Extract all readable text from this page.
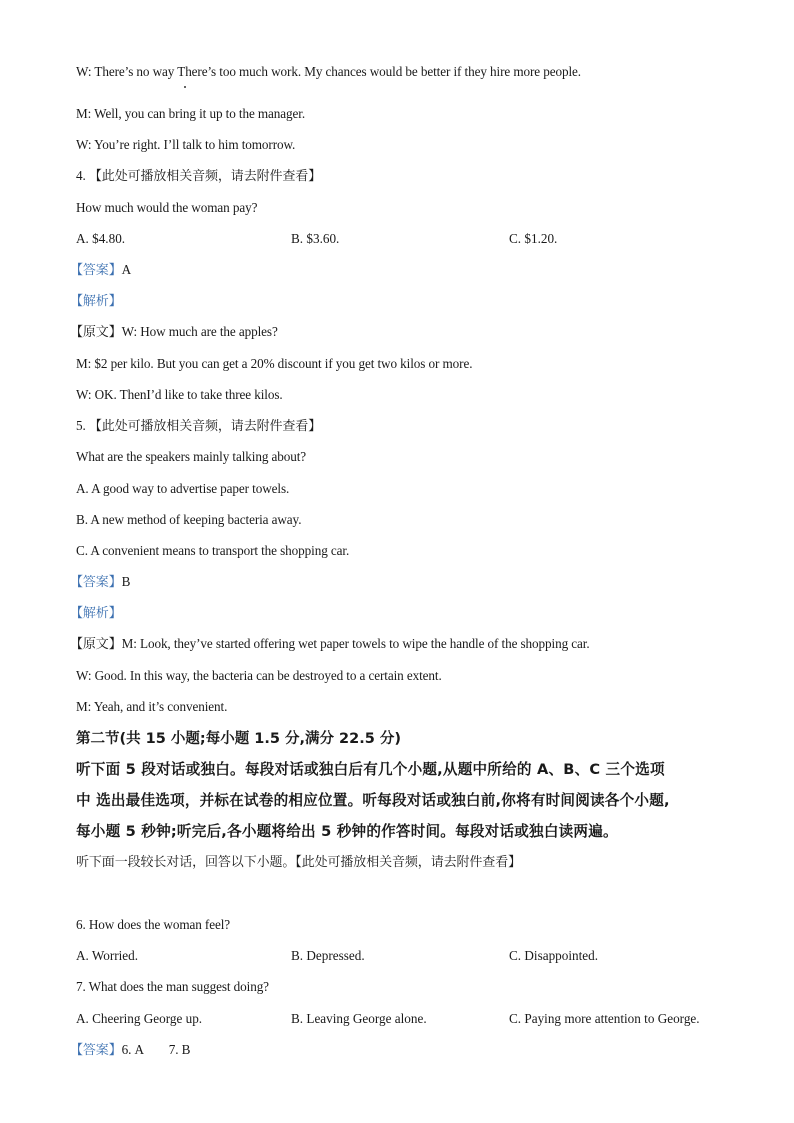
W: There’s no way There’s too much work. My chances would be better if they hire more people.
M: Well, you can bring it up to the manager.
W: You’re right. I’ll talk to him tomorrow.
4. 【此处可播放相关音频，请去附件查看】
How much would the woman pay?
A. $4.80.	B. $3.60.	C. $1.20.
【答案】A
【解析】
【原文】W: How much are the apples?
M: $2 per kilo. But you can get a 20% discount if you get two kilos or more.
W: OK. ThenI’d like to take three kilos.
5. 【此处可播放相关音频，请去附件查看】
What are the speakers mainly talking about?
A. A good way to advertise paper towels.
B. A new method of keeping bacteria away.
C. A convenient means to transport the shopping car.
【答案】B
【解析】
【原文】M: Look, they’ve started offering wet paper towels to wipe the handle of the shopping car.
W: Good. In this way, the bacteria can be destroyed to a certain extent.
M: Yeah, and it’s convenient.
第二节(共 15 小题;每小题 1.5 分,满分 22.5 分)
听下面 5 段对话或独白。每段对话或独白后有几个小题,从题中所给的 A、B、C 三个选项
中 选出最佳选项，并标在试卷的相应位置。听每段对话或独白前,你将有时间阅读各个小题,
每小题 5 秒钟;听完后,各小题将给出 5 秒钟的作答时间。每段对话或独白读两遍。
听下面一段较长对话，回答以下小题。【此处可播放相关音频，请去附件查看】
6. How does the woman feel?
A. Worried.	B. Depressed.	C. Disappointed.
7. What does the man suggest doing?
A. Cheering George up.	B. Leaving George alone.	C. Paying more attention to George.
【答案】6. A        7. B
